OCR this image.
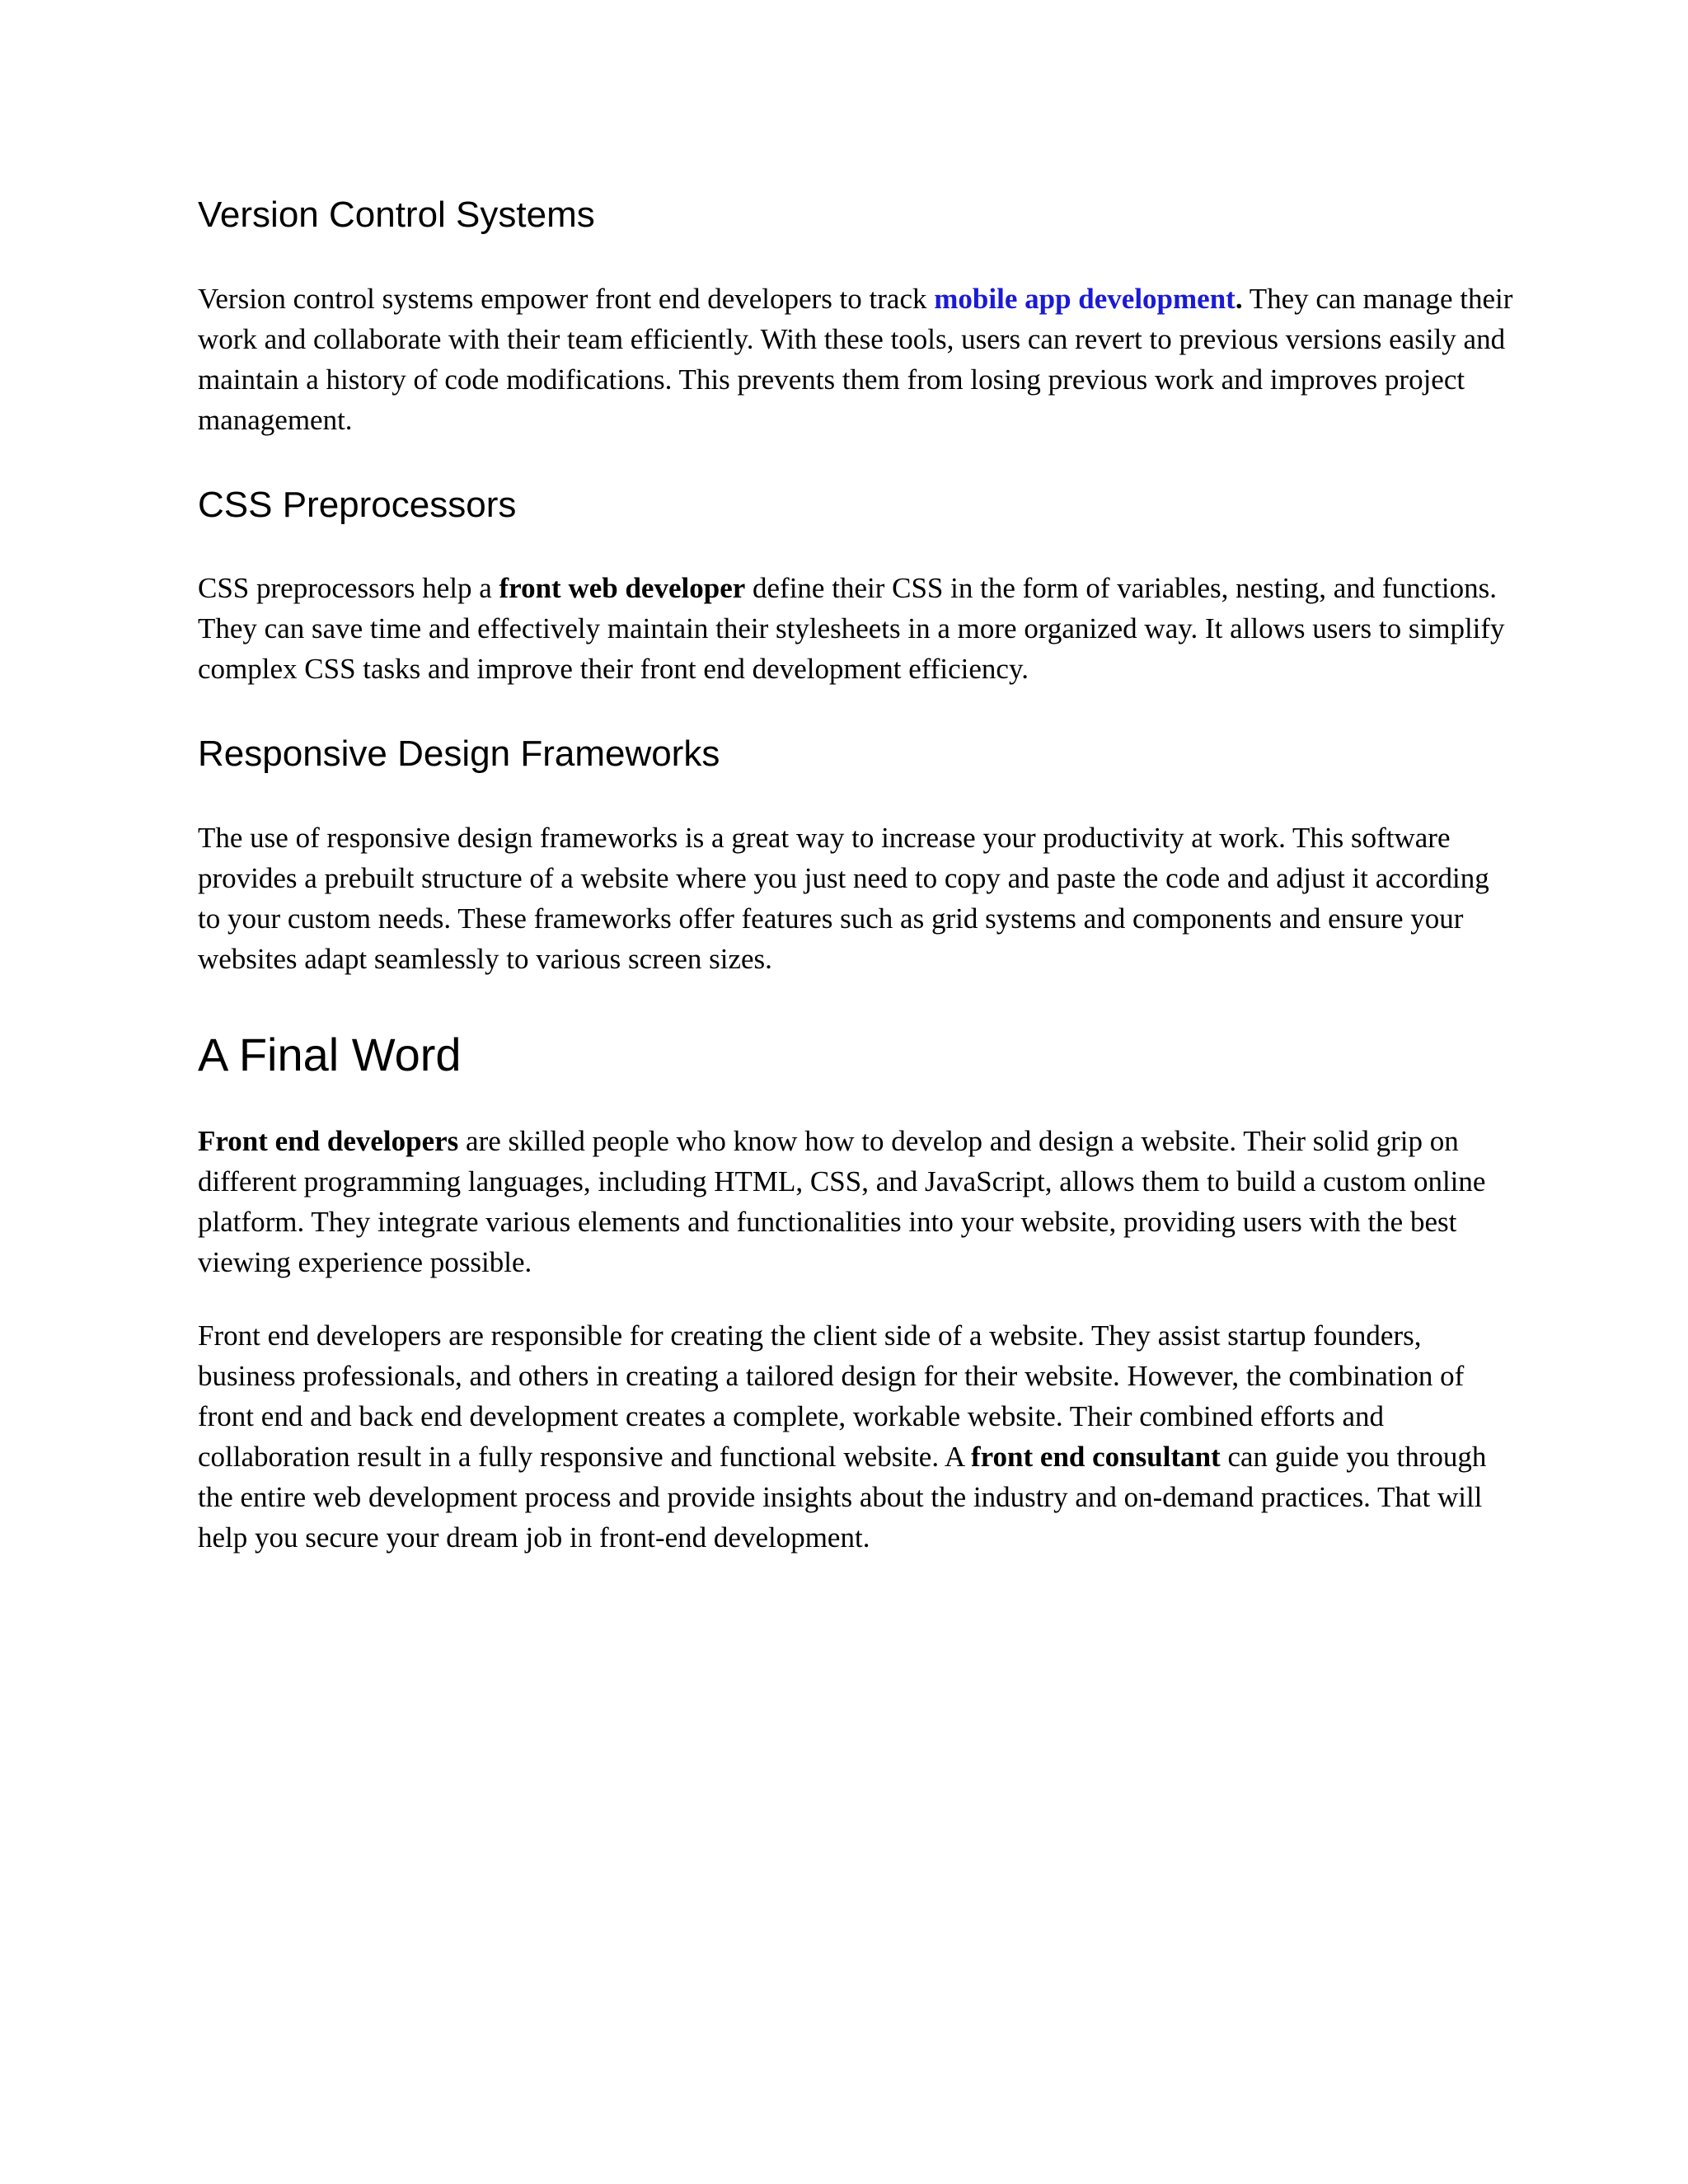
Version Control Systems

Version control systems empower front end developers to track mobile app development. They can manage their work and collaborate with their team efficiently. With these tools, users can revert to previous versions easily and maintain a history of code modifications. This prevents them from losing previous work and improves project management.

CSS Preprocessors

CSS preprocessors help a front web developer define their CSS in the form of variables, nesting, and functions. They can save time and effectively maintain their stylesheets in a more organized way. It allows users to simplify complex CSS tasks and improve their front end development efficiency.

Responsive Design Frameworks

The use of responsive design frameworks is a great way to increase your productivity at work. This software provides a prebuilt structure of a website where you just need to copy and paste the code and adjust it according to your custom needs. These frameworks offer features such as grid systems and components and ensure your websites adapt seamlessly to various screen sizes.

A Final Word

Front end developers are skilled people who know how to develop and design a website. Their solid grip on different programming languages, including HTML, CSS, and JavaScript, allows them to build a custom online platform. They integrate various elements and functionalities into your website, providing users with the best viewing experience possible.

Front end developers are responsible for creating the client side of a website. They assist startup founders, business professionals, and others in creating a tailored design for their website. However, the combination of front end and back end development creates a complete, workable website. Their combined efforts and collaboration result in a fully responsive and functional website. A front end consultant can guide you through the entire web development process and provide insights about the industry and on-demand practices. That will help you secure your dream job in front-end development.
